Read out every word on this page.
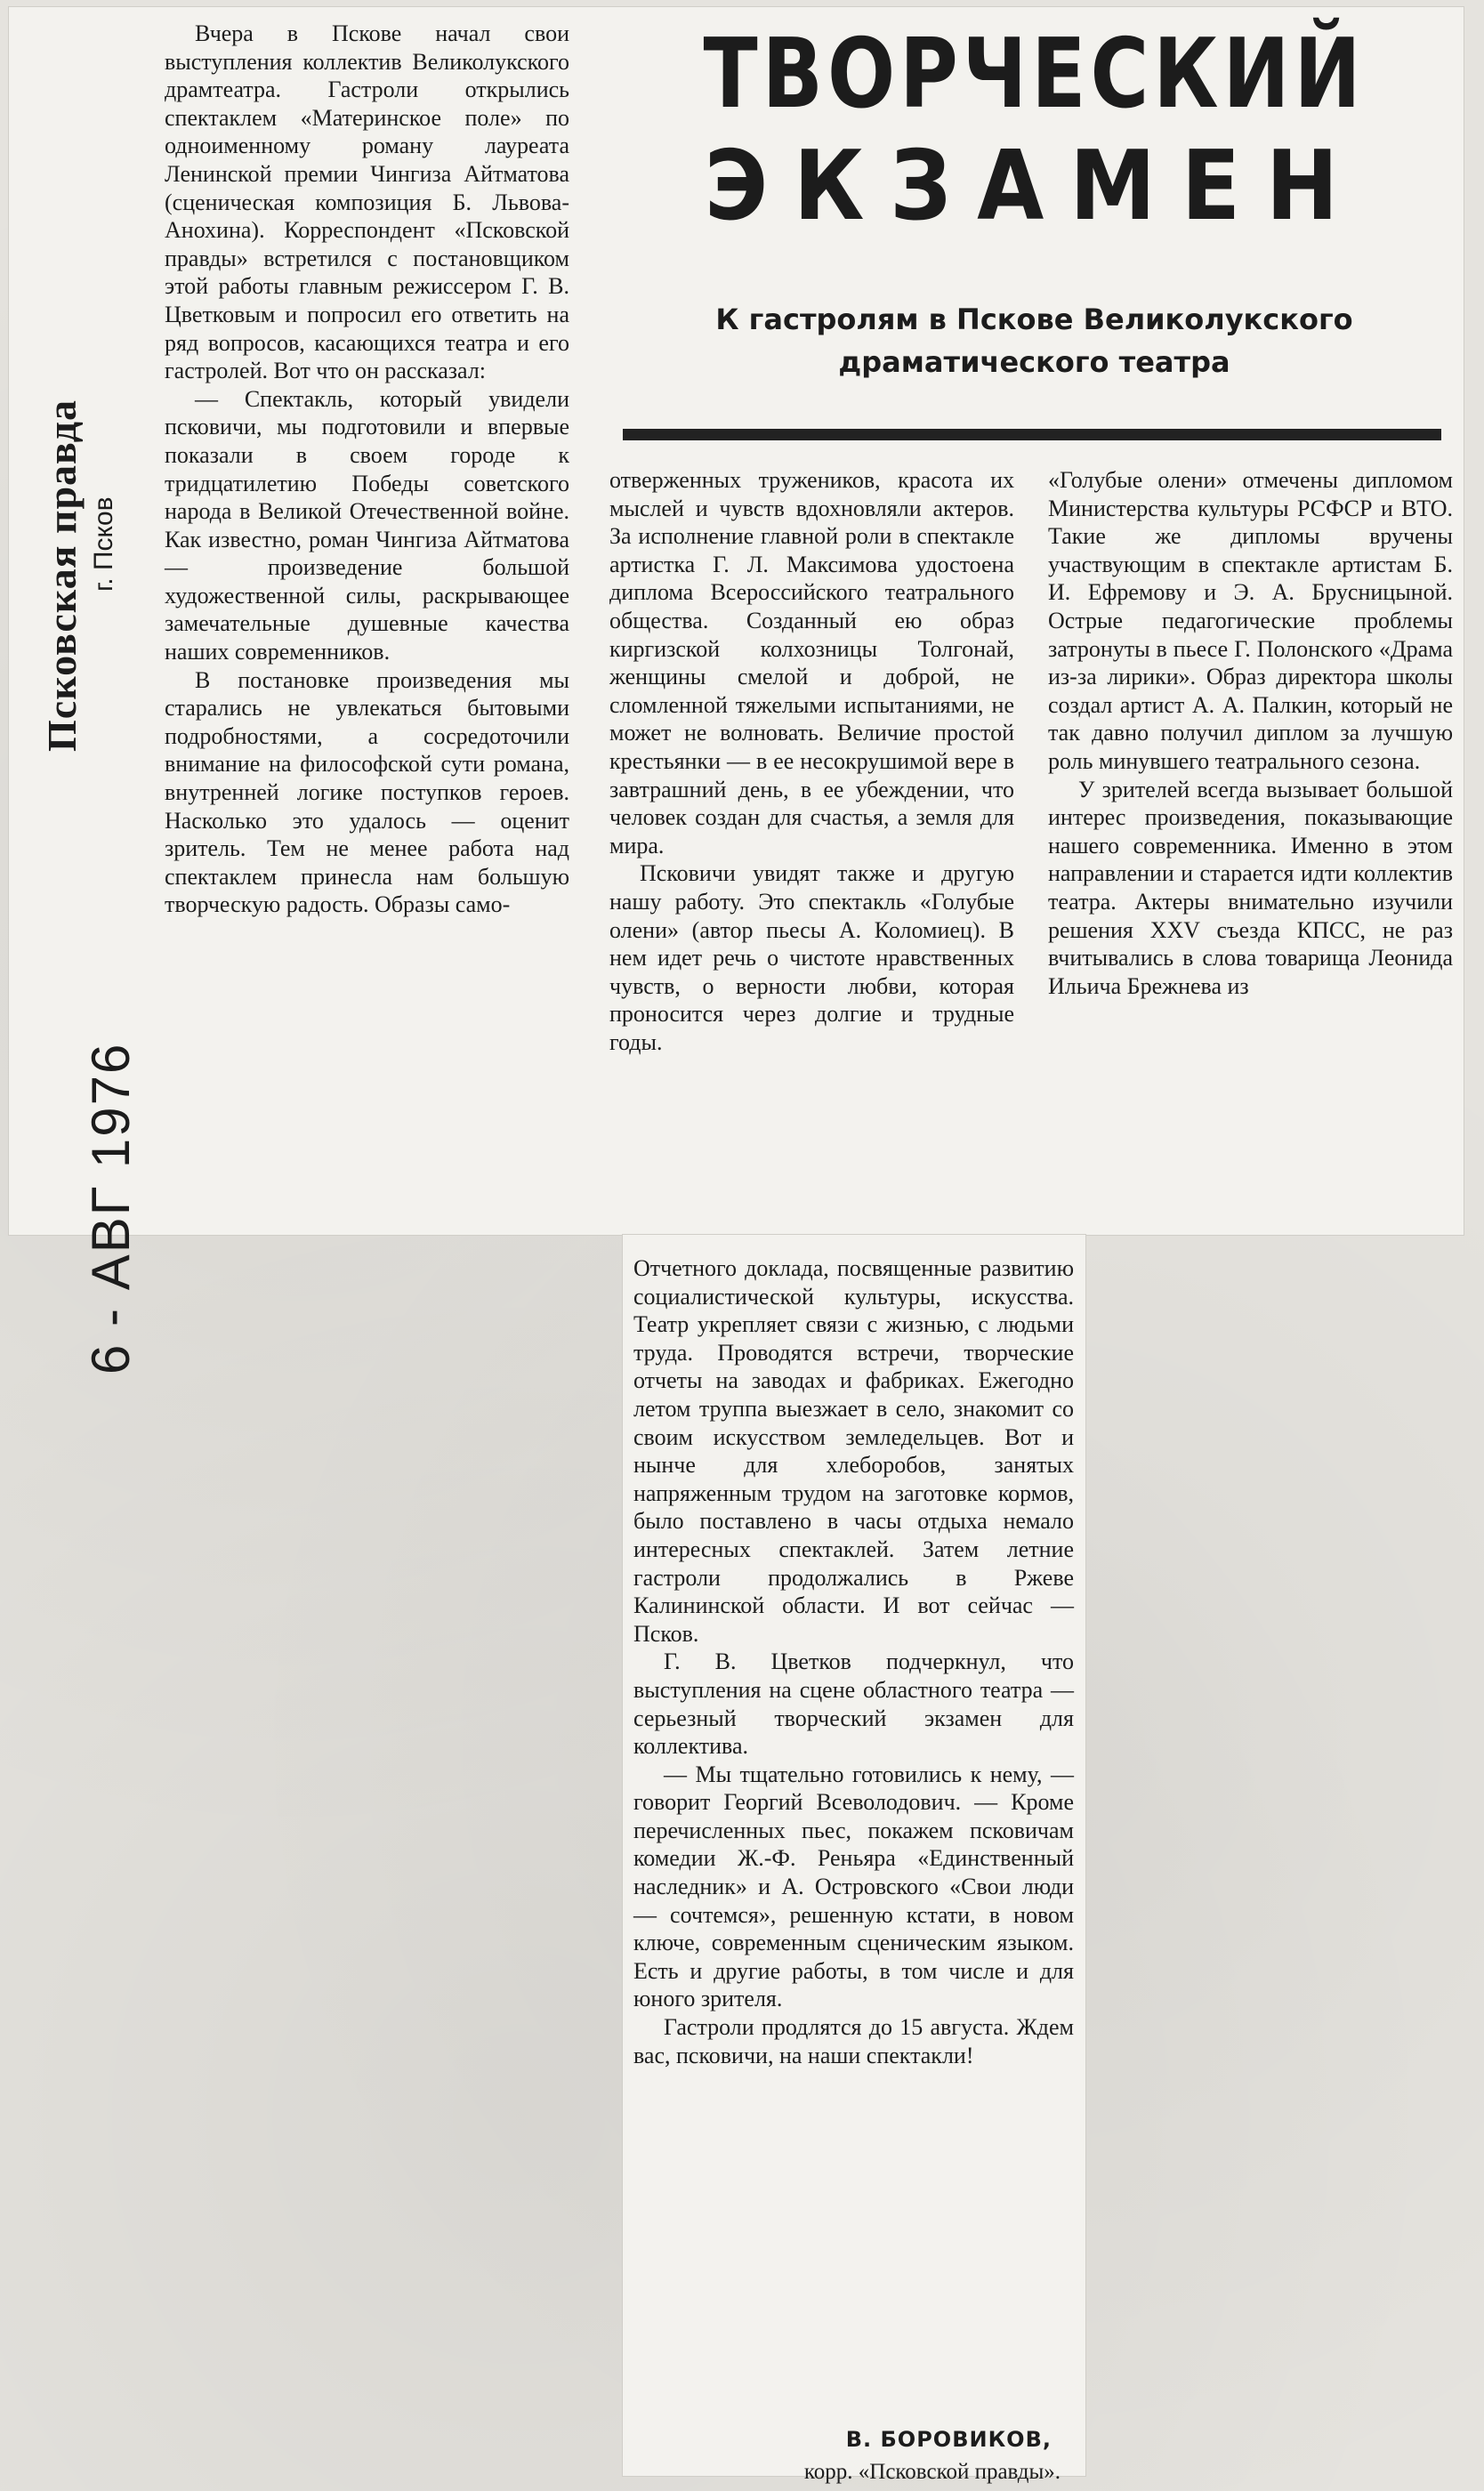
Псковская правда г. Псков
6 - АВГ 1976
ТВОРЧЕСКИЙ
ЭКЗАМЕН
К гастролям в Пскове Великолукского
драматического театра

Вчера в Пскове начал свои выступления коллектив Великолукского драмтеатра. Гастроли открылись спектаклем «Материнское поле» по одноименному роману лауреата Ленинской премии Чингиза Айтматова (сценическая композиция Б. Львова-Анохина). Корреспондент «Псковской правды» встретился с постановщиком этой работы главным режиссером Г. В. Цветковым и попросил его ответить на ряд вопросов, касающихся театра и его гастролей. Вот что он рассказал:

— Спектакль, который увидели псковичи, мы подготовили и впервые показали в своем городе к тридцатилетию Победы советского народа в Великой Отечественной войне. Как известно, роман Чингиза Айтматова — произведение большой художественной силы, раскрывающее замечательные душевные качества наших современников.

В постановке произведения мы старались не увлекаться бытовыми подробностями, а сосредоточили внимание на философской сути романа, внутренней логике поступков героев. Насколько это удалось — оценит зритель. Тем не менее работа над спектаклем принесла нам большую творческую радость. Образы само-

отверженных тружеников, красота их мыслей и чувств вдохновляли актеров. За исполнение главной роли в спектакле артистка Г. Л. Максимова удостоена диплома Всероссийского театрального общества. Созданный ею образ киргизской колхозницы Толгонай, женщины смелой и доброй, не сломленной тяжелыми испытаниями, не может не волновать. Величие простой крестьянки — в ее несокрушимой вере в завтрашний день, в ее убеждении, что человек создан для счастья, а земля для мира.

Псковичи увидят также и другую нашу работу. Это спектакль «Голубые олени» (автор пьесы А. Коломиец). В нем идет речь о чистоте нравственных чувств, о верности любви, которая проносится через долгие и трудные годы.

«Голубые олени» отмечены дипломом Министерства культуры РСФСР и ВТО. Такие же дипломы вручены участвующим в спектакле артистам Б. И. Ефремову и Э. А. Брусницыной. Острые педагогические проблемы затронуты в пьесе Г. Полонского «Драма из-за лирики». Образ директора школы создал артист А. А. Палкин, который не так давно получил диплом за лучшую роль минувшего театрального сезона.

У зрителей всегда вызывает большой интерес произведения, показывающие нашего современника. Именно в этом направлении и старается идти коллектив театра. Актеры внимательно изучили решения XXV съезда КПСС, не раз вчитывались в слова товарища Леонида Ильича Брежнева из

Отчетного доклада, посвященные развитию социалистической культуры, искусства. Театр укрепляет связи с жизнью, с людьми труда. Проводятся встречи, творческие отчеты на заводах и фабриках. Ежегодно летом труппа выезжает в село, знакомит со своим искусством земледельцев. Вот и нынче для хлеборобов, занятых напряженным трудом на заготовке кормов, было поставлено в часы отдыха немало интересных спектаклей. Затем летние гастроли продолжались в Ржеве Калининской области. И вот сейчас — Псков.

Г. В. Цветков подчеркнул, что выступления на сцене областного театра — серьезный творческий экзамен для коллектива.

— Мы тщательно готовились к нему, — говорит Георгий Всеволодович. — Кроме перечисленных пьес, покажем псковичам комедии Ж.-Ф. Реньяра «Единственный наследник» и А. Островского «Свои люди — сочтемся», решенную кстати, в новом ключе, современным сценическим языком. Есть и другие работы, в том числе и для юного зрителя.

Гастроли продлятся до 15 августа. Ждем вас, псковичи, на наши спектакли!

В. БОРОВИКОВ,
корр. «Псковской правды».
